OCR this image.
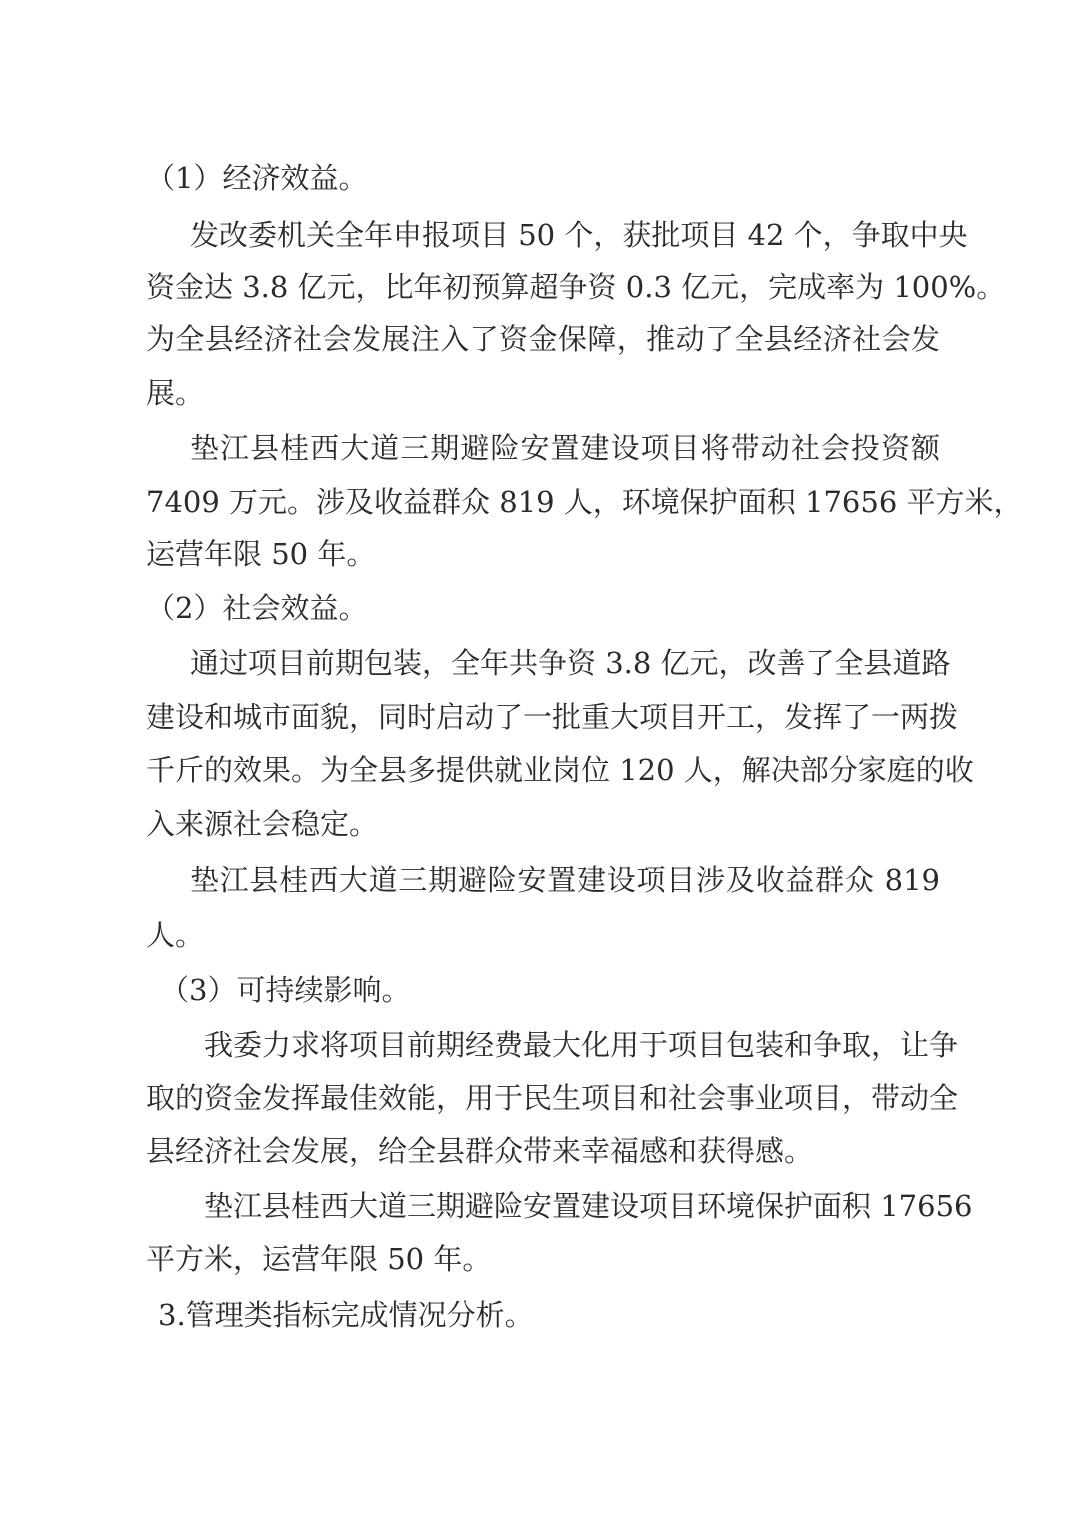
（1）经济效益。
发改委机关全年申报项目 50 个，获批项目 42 个，争取中央
资金达 3.8 亿元，比年初预算超争资 0.3 亿元，完成率为 100%。
为全县经济社会发展注入了资金保障，推动了全县经济社会发
展。
垫江县桂西大道三期避险安置建设项目将带动社会投资额
7409 万元。涉及收益群众 819 人，环境保护面积 17656 平方米，
运营年限 50 年。
（2）社会效益。
通过项目前期包装，全年共争资 3.8 亿元，改善了全县道路
建设和城市面貌，同时启动了一批重大项目开工，发挥了一两拨
千斤的效果。为全县多提供就业岗位 120 人，解决部分家庭的收
入来源社会稳定。
垫江县桂西大道三期避险安置建设项目涉及收益群众 819
人。
（3）可持续影响。
我委力求将项目前期经费最大化用于项目包装和争取，让争
取的资金发挥最佳效能，用于民生项目和社会事业项目，带动全
县经济社会发展，给全县群众带来幸福感和获得感。
垫江县桂西大道三期避险安置建设项目环境保护面积 17656
平方米，运营年限 50 年。
3.管理类指标完成情况分析。
